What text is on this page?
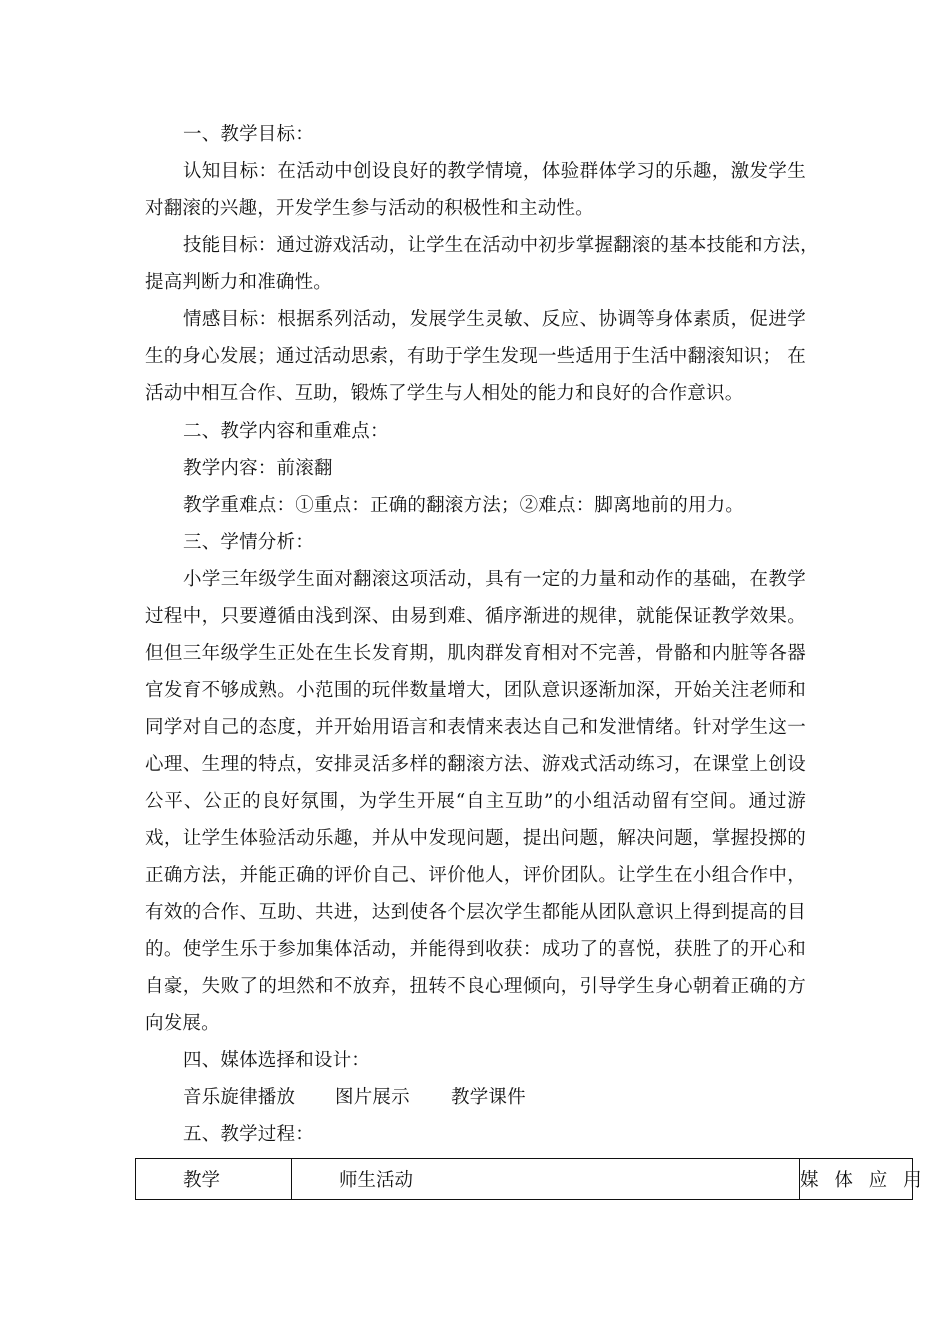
一、教学目标：
认知目标：在活动中创设良好的教学情境，体验群体学习的乐趣，激发学生
对翻滚的兴趣，开发学生参与活动的积极性和主动性。
技能目标：通过游戏活动，让学生在活动中初步掌握翻滚的基本技能和方法，
提高判断力和准确性。
情感目标：根据系列活动，发展学生灵敏、反应、协调等身体素质，促进学
生的身心发展；通过活动思索，有助于学生发现一些适用于生活中翻滚知识； 在
活动中相互合作、互助，锻炼了学生与人相处的能力和良好的合作意识。
二、教学内容和重难点：
教学内容：前滚翻
教学重难点：①重点：正确的翻滚方法；②难点：脚离地前的用力。
三、学情分析：
小学三年级学生面对翻滚这项活动，具有一定的力量和动作的基础，在教学
过程中，只要遵循由浅到深、由易到难、循序渐进的规律，就能保证教学效果。
但但三年级学生正处在生长发育期，肌肉群发育相对不完善，骨骼和内脏等各器
官发育不够成熟。小范围的玩伴数量增大，团队意识逐渐加深，开始关注老师和
同学对自己的态度，并开始用语言和表情来表达自己和发泄情绪。针对学生这一
心理、生理的特点，安排灵活多样的翻滚方法、游戏式活动练习，在课堂上创设
公平、公正的良好氛围，为学生开展“自主互助”的小组活动留有空间。通过游
戏，让学生体验活动乐趣，并从中发现问题，提出问题，解决问题，掌握投掷的
正确方法，并能正确的评价自己、评价他人，评价团队。让学生在小组合作中，
有效的合作、互助、共进，达到使各个层次学生都能从团队意识上得到提高的目
的。使学生乐于参加集体活动，并能得到收获：成功了的喜悦，获胜了的开心和
自豪，失败了的坦然和不放弃，扭转不良心理倾向，引导学生身心朝着正确的方
向发展。
四、媒体选择和设计：
音乐旋律播放 图片展示 教学课件
五、教学过程：
教学	师生活动	媒 体 应 用
